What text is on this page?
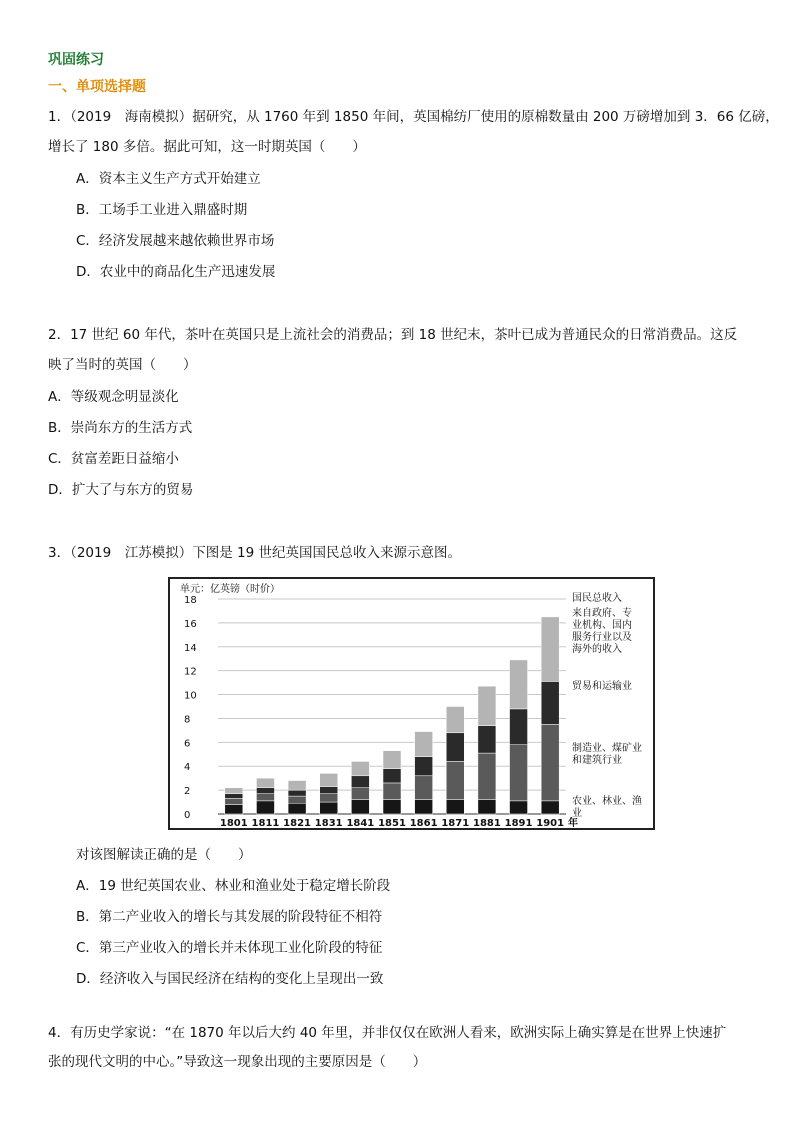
巩固练习
一、单项选择题
1．（2019　海南模拟）据研究，从 1760 年到 1850 年间，英国棉纺厂使用的原棉数量由 200 万磅增加到 3．66 亿磅，
增长了 180 多倍。据此可知，这一时期英国（　　）
A．资本主义生产方式开始建立
B．工场手工业进入鼎盛时期
C．经济发展越来越依赖世界市场
D．农业中的商品化生产迅速发展
2．17 世纪 60 年代，茶叶在英国只是上流社会的消费品；到 18 世纪末，茶叶已成为普通民众的日常消费品。这反
映了当时的英国（　　）
A．等级观念明显淡化
B．崇尚东方的生活方式
C．贫富差距日益缩小
D．扩大了与东方的贸易
3．（2019　江苏模拟）下图是 19 世纪英国国民总收入来源示意图。
单元：亿英镑（时价）
0
2
4
6
8
10
12
14
16
18
1801 1811 1821 1831 1841 1851 1861 1871 1881 1891 1901 年
国民总收入
农业、林业、渔
业
制造业、煤矿业
和建筑行业
贸易和运输业
来自政府、专
业机构、国内
服务行业以及
海外的收入
对该图解读正确的是（　　）
A．19 世纪英国农业、林业和渔业处于稳定增长阶段
B．第二产业收入的增长与其发展的阶段特征不相符
C．第三产业收入的增长并未体现工业化阶段的特征
D．经济收入与国民经济在结构的变化上呈现出一致
4．有历史学家说：“在 1870 年以后大约 40 年里，并非仅仅在欧洲人看来，欧洲实际上确实算是在世界上快速扩
张的现代文明的中心。”导致这一现象出现的主要原因是（　　）
